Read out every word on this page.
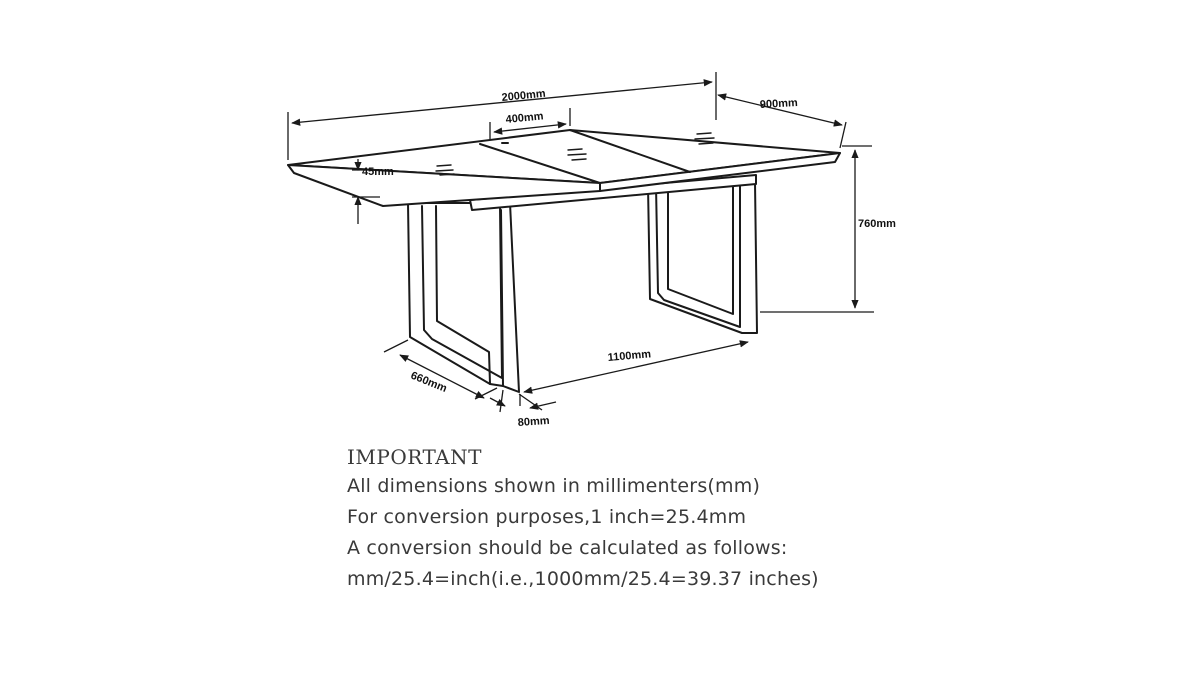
2000mm
400mm
900mm
45mm
760mm
1100mm
660mm
80mm

IMPORTANT

All dimensions shown in millimenters(mm)

For conversion purposes,1 inch=25.4mm

A conversion should be calculated as follows:

mm/25.4=inch(i.e.,1000mm/25.4=39.37 inches)
